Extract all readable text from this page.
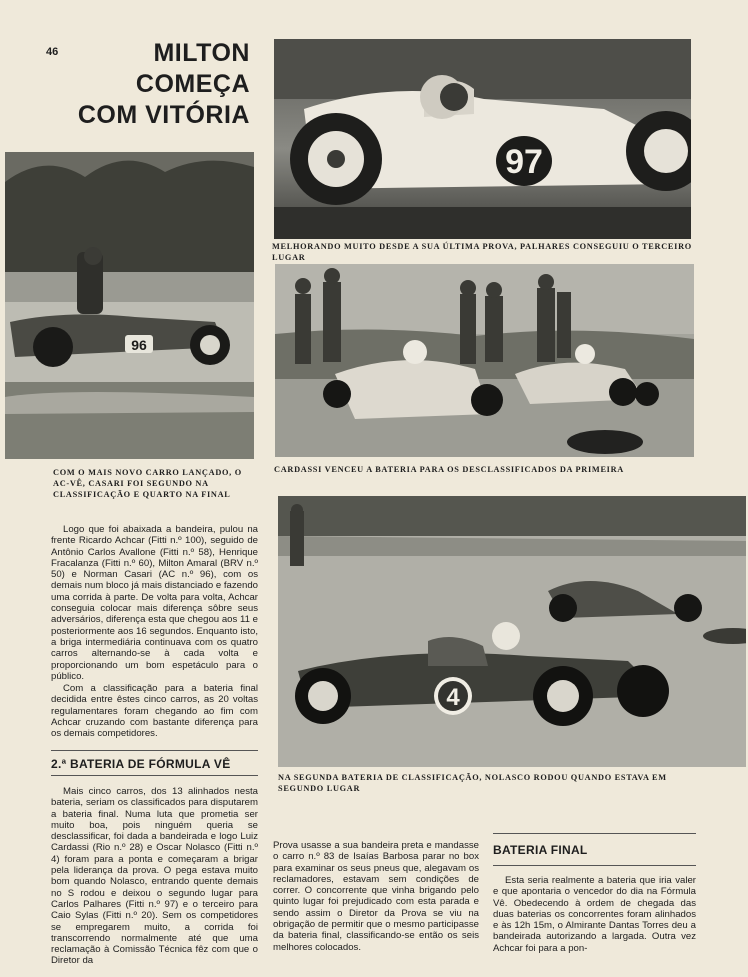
46	MILTON
COMEÇA
COM VITÓRIA
97

MELHORANDO MUITO DESDE A SUA ÚLTIMA PROVA, PALHARES CONSEGUIU O TERCEIRO LUGAR

96

COM O MAIS NOVO CARRO LANÇADO, O AC-VÊ, CASARI FOI SEGUNDO NA CLASSIFICAÇÃO E QUARTO NA FINAL

CARDASSI VENCEU A BATERIA PARA OS DESCLASSIFICADOS DA PRIMEIRA

4

NA SEGUNDA BATERIA DE CLASSIFICAÇÃO, NOLASCO RODOU QUANDO ESTAVA EM SEGUNDO LUGAR

Logo que foi abaixada a bandeira, pulou na frente Ricardo Achcar (Fitti n.º 100), seguido de Antônio Carlos Avallone (Fitti n.º 58), Henrique Fracalanza (Fitti n.º 60), Milton Amaral (BRV n.º 50) e Norman Casari (AC n.º 96), com os demais num bloco já mais distanciado e fazendo uma corrida à parte. De volta para volta, Achcar conseguia colocar mais diferença sôbre seus adversários, diferença esta que chegou aos 11 e posteriormente aos 16 segundos. Enquanto isto, a briga intermediária continuava com os quatro carros alternando-se à cada volta e proporcionando um bom espetáculo para o público.

Com a classificação para a bateria final decidida entre êstes cinco carros, as 20 voltas regulamentares foram chegando ao fim com Achcar cruzando com bastante diferença para os demais competidores.

2.ª BATERIA DE FÓRMULA VÊ

Mais cinco carros, dos 13 alinhados nesta bateria, seriam os classificados para disputarem a bateria final. Numa luta que prometia ser muito boa, pois ninguém queria se desclassificar, foi dada a bandeirada e logo Luiz Cardassi (Rio n.º 28) e Oscar Nolasco (Fitti n.º 4) foram para a ponta e começaram a brigar pela liderança da prova. O pega estava muito bom quando Nolasco, entrando quente demais no S rodou e deixou o segundo lugar para Carlos Palhares (Fitti n.º 97) e o terceiro para Caio Sylas (Fitti n.º 20). Sem os competidores se empregarem muito, a corrida foi transcorrendo normalmente até que uma reclamação à Comissão Técnica fêz com que o Diretor da

Prova usasse a sua bandeira preta e mandasse o carro n.º 83 de Isaías Barbosa parar no box para examinar os seus pneus que, alegavam os reclamadores, estavam sem condições de correr. O concorrente que vinha brigando pelo quinto lugar foi prejudicado com esta parada e sendo assim o Diretor da Prova se viu na obrigação de permitir que o mesmo participasse da bateria final, classificando-se então os seis melhores colocados.

BATERIA FINAL

Esta seria realmente a bateria que iria valer e que apontaria o vencedor do dia na Fórmula Vê. Obedecendo à ordem de chegada das duas baterias os concorrentes foram alinhados e às 12h 15m, o Almirante Dantas Torres deu a bandeirada autorizando a largada. Outra vez Achcar foi para a pon-
